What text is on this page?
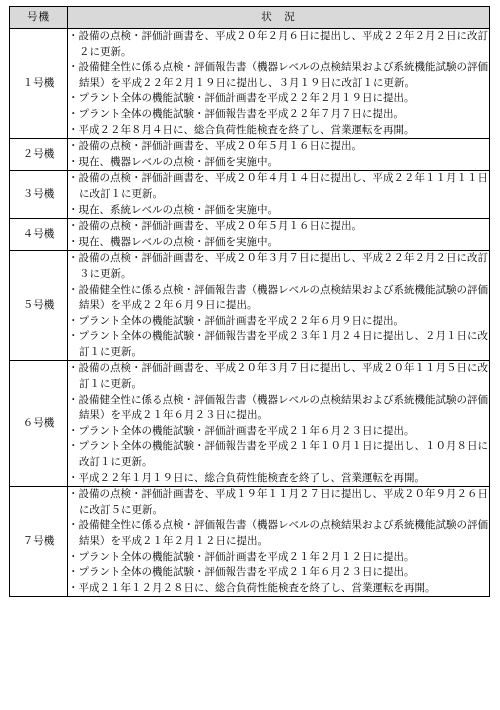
号機	状　況
１号機	・設備の点検・評価計画書を、平成２０年２月６日に提出し、平成２２年２月２日に改訂２に更新。
・設備健全性に係る点検・評価報告書（機器レベルの点検結果および系統機能試験の評価結果）を平成２２年２月１９日に提出し、３月１９日に改訂１に更新。
・プラント全体の機能試験・評価計画書を平成２２年２月１９日に提出。
・プラント全体の機能試験・評価報告書を平成２２年７月７日に提出。
・平成２２年８月４日に、総合負荷性能検査を終了し、営業運転を再開。

２号機	・設備の点検・評価計画書を、平成２０年５月１６日に提出。
・現在、機器レベルの点検・評価を実施中。

３号機	・設備の点検・評価計画書を、平成２０年４月１４日に提出し、平成２２年１１月１１日に改訂１に更新。
・現在、系統レベルの点検・評価を実施中。

４号機	・設備の点検・評価計画書を、平成２０年５月１６日に提出。
・現在、機器レベルの点検・評価を実施中。

５号機	・設備の点検・評価計画書を、平成２０年３月７日に提出し、平成２２年２月２日に改訂３に更新。
・設備健全性に係る点検・評価報告書（機器レベルの点検結果および系統機能試験の評価結果）を平成２２年６月９日に提出。
・プラント全体の機能試験・評価計画書を平成２２年６月９日に提出。
・プラント全体の機能試験・評価報告書を平成２３年１月２４日に提出し、２月１日に改訂１に更新。

６号機	・設備の点検・評価計画書を、平成２０年３月７日に提出し、平成２０年１１月５日に改訂１に更新。
・設備健全性に係る点検・評価報告書（機器レベルの点検結果および系統機能試験の評価結果）を平成２１年６月２３日に提出。
・プラント全体の機能試験・評価計画書を平成２１年６月２３日に提出。
・プラント全体の機能試験・評価報告書を平成２１年１０月１日に提出し、１０月８日に改訂１に更新。
・平成２２年１月１９日に、総合負荷性能検査を終了し、営業運転を再開。

７号機	・設備の点検・評価計画書を、平成１９年１１月２７日に提出し、平成２０年９月２６日に改訂５に更新。
・設備健全性に係る点検・評価報告書（機器レベルの点検結果および系統機能試験の評価結果）を平成２１年２月１２日に提出。
・プラント全体の機能試験・評価計画書を平成２１年２月１２日に提出。
・プラント全体の機能試験・評価報告書を平成２１年６月２３日に提出。
・平成２１年１２月２８日に、総合負荷性能検査を終了し、営業運転を再開。
